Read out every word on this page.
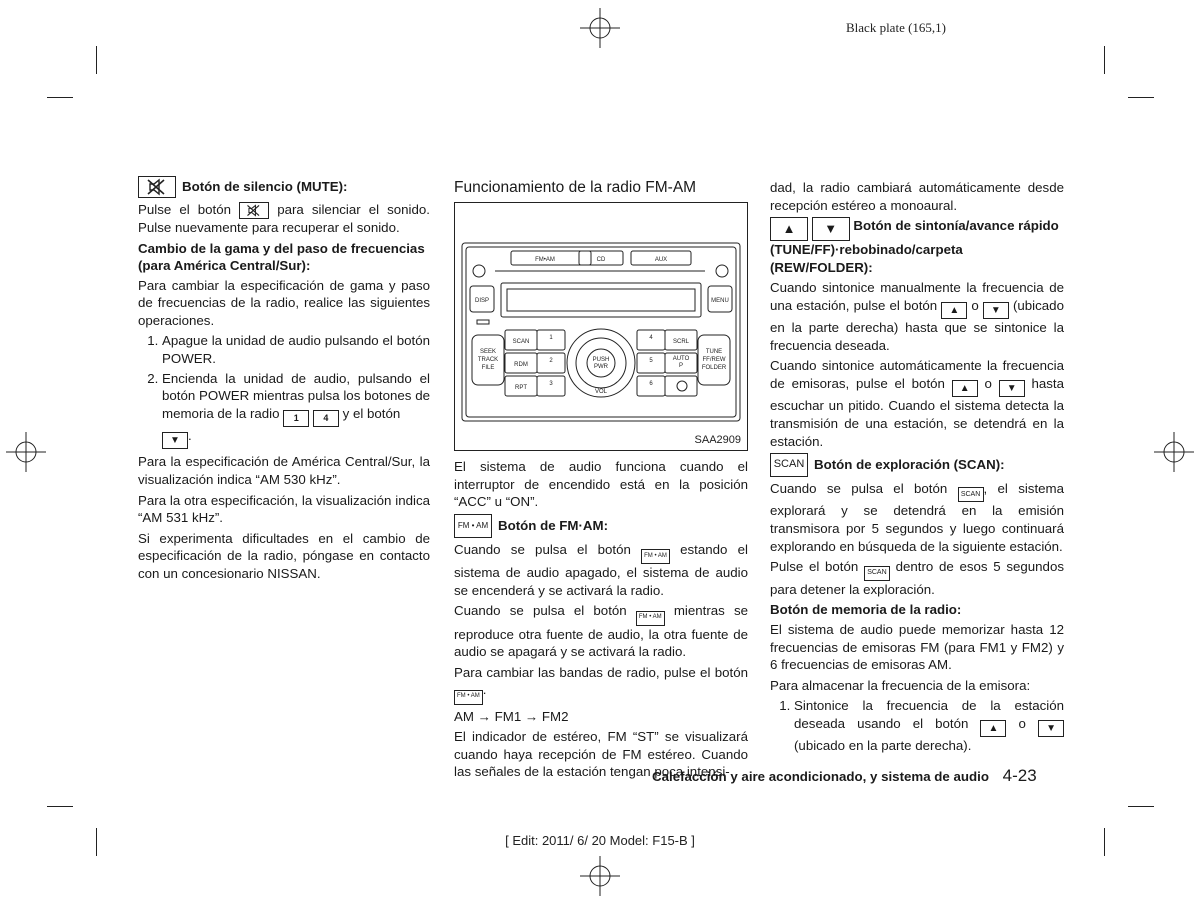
Black plate (165,1)
Botón de silencio (MUTE):

Pulse el botón	para silenciar el sonido. Pulse nuevamente para recuperar el sonido.

Cambio de la gama y del paso de frecuencias (para América Central/Sur):

Para cambiar la especificación de gama y paso de frecuencias de la radio, realice las siguientes operaciones.

1. Apague la unidad de audio pulsando el botón POWER.
2. Encienda la unidad de audio, pulsando el botón POWER mientras pulsa los botones de memoria de la radio 1	4 y el botón

▼ .

Para la especificación de América Central/Sur, la visualización indica “AM 530 kHz”.

Para la otra especificación, la visualización indica “AM 531 kHz”.

Si experimenta dificultades en el cambio de especificación de la radio, póngase en contacto con un concesionario NISSAN.

Funcionamiento de la radio FM-AM
FM•AM	CD	AUX
DISP	MENU
SCAN
RDM
RPT
SEEK
TRACK
FILE
1
2
3
4
5
6
SCRL
AUTO
P
TUNE
FF/REW
FOLDER
PUSH
PWR
VOL
SAA2909

El sistema de audio funciona cuando el interruptor de encendido está en la posición “ACC” u “ON”.

FM • AM Botón de FM·AM:

Cuando se pulsa el botón FM • AM estando el sistema de audio apagado, el sistema de audio se encenderá y se activará la radio.

Cuando se pulsa el botón FM • AM mientras se reproduce otra fuente de audio, la otra fuente de audio se apagará y se activará la radio.

Para cambiar las bandas de radio, pulse el botón FM • AM .

AM → FM1 → FM2

El indicador de estéreo, FM “ST” se visualizará cuando haya recepción de FM estéreo. Cuando las señales de la estación tengan poca intensi-

dad, la radio cambiará automáticamente desde recepción estéreo a monoaural.

▲
▼ Botón de sintonía/avance rápido (TUNE/FF)·rebobinado/carpeta (REW/FOLDER):

Cuando sintonice manualmente la frecuencia de una estación, pulse el botón ▲ o ▼ (ubicado en la parte derecha) hasta que se sintonice la frecuencia deseada.

Cuando sintonice automáticamente la frecuencia de emisoras, pulse el botón ▲ o ▼ hasta escuchar un pitido. Cuando el sistema detecta la transmisión de una estación, se detendrá en la estación.

SCAN Botón de exploración (SCAN):

Cuando se pulsa el botón SCAN , el sistema explorará y se detendrá en la emisión transmisora por 5 segundos y luego continuará explorando en búsqueda de la siguiente estación.

Pulse el botón SCAN dentro de esos 5 segundos para detener la exploración.

Botón de memoria de la radio:

El sistema de audio puede memorizar hasta 12 frecuencias de emisoras FM (para FM1 y FM2) y 6 frecuencias de emisoras AM.

Para almacenar la frecuencia de la emisora:

1. Sintonice la frecuencia de la estación deseada usando el botón ▲ o ▼
(ubicado en la parte derecha).
Calefacción y aire acondicionado, y sistema de audio 4-23
[ Edit: 2011/ 6/ 20 Model: F15-B ]
